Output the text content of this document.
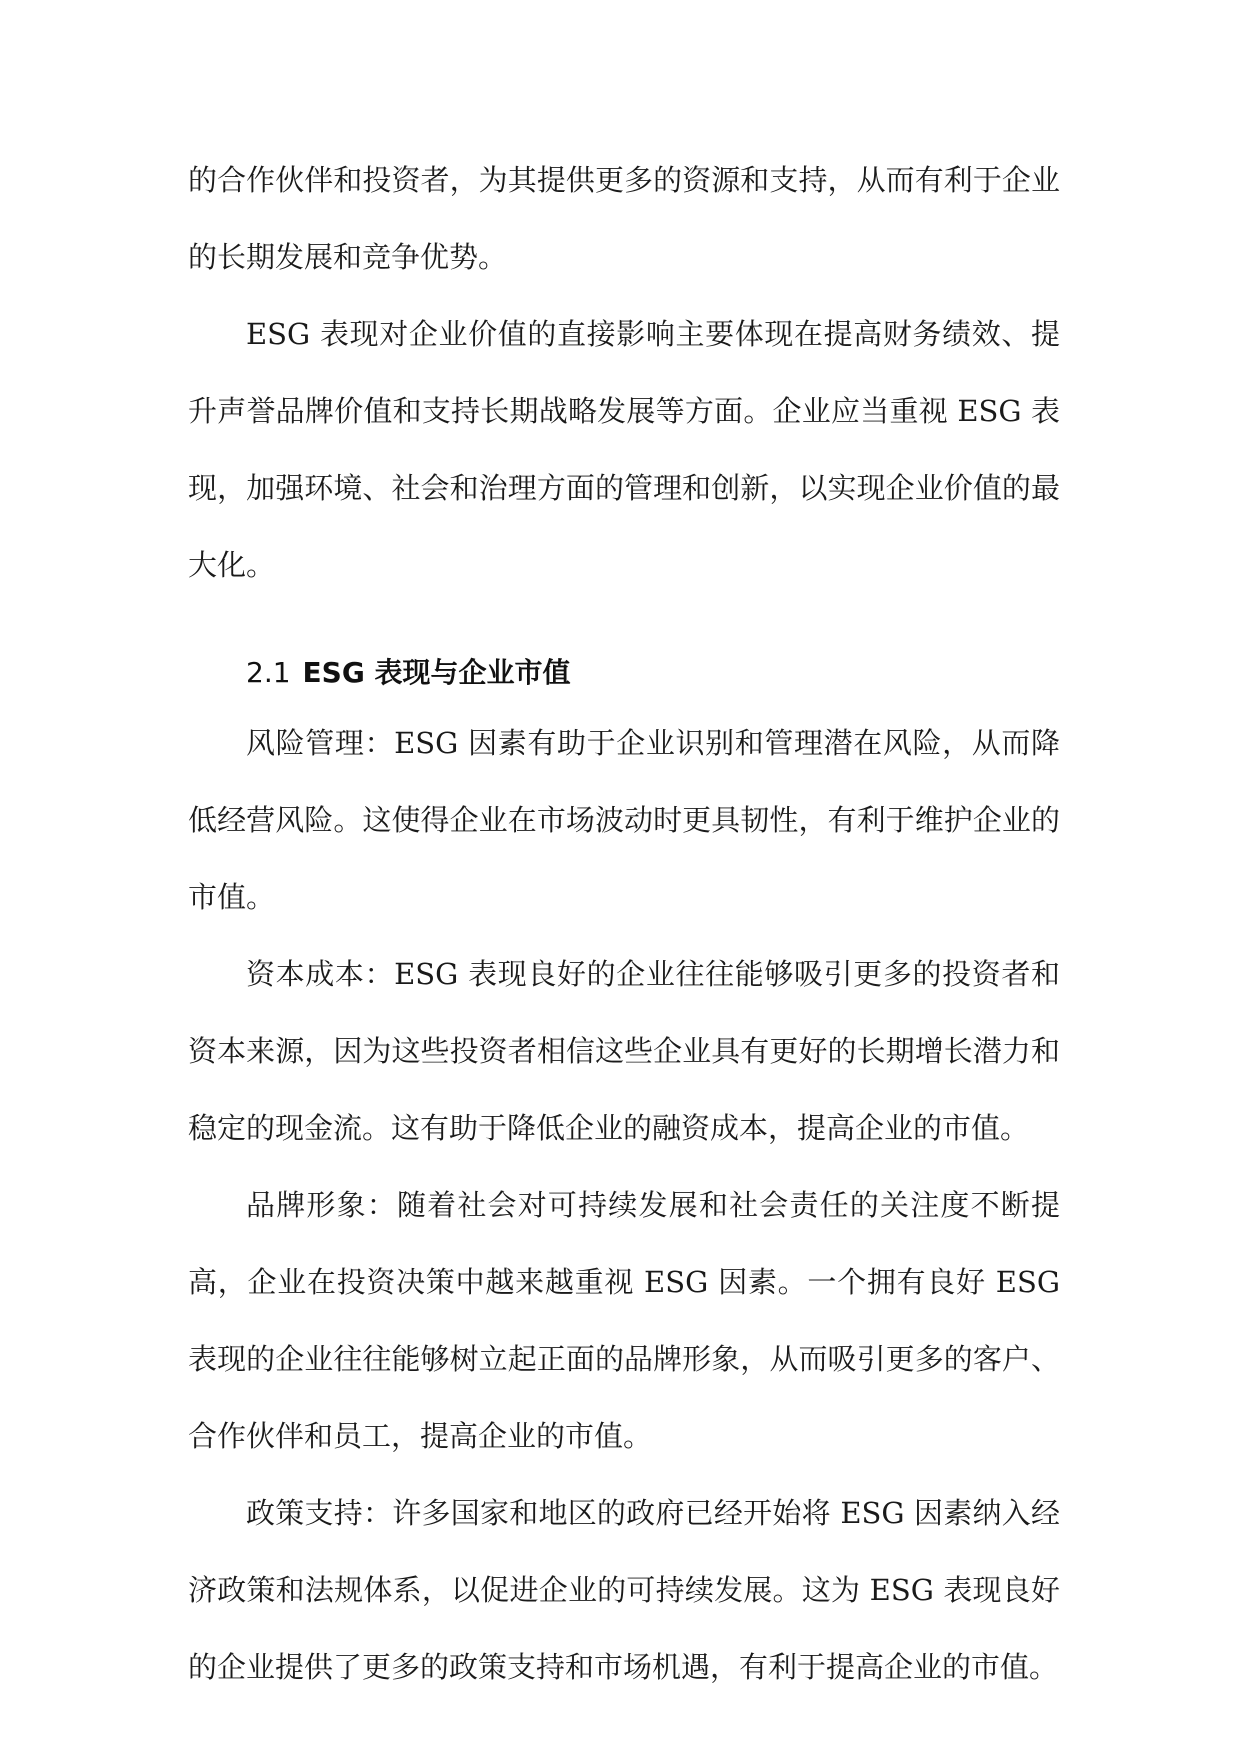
的合作伙伴和投资者，为其提供更多的资源和支持，从而有利于企业的长期发展和竞争优势。

ESG 表现对企业价值的直接影响主要体现在提高财务绩效、提升声誉品牌价值和支持长期战略发展等方面。企业应当重视 ESG 表现，加强环境、社会和治理方面的管理和创新，以实现企业价值的最大化。

2.1 ESG 表现与企业市值

风险管理：ESG 因素有助于企业识别和管理潜在风险，从而降低经营风险。这使得企业在市场波动时更具韧性，有利于维护企业的市值。

资本成本：ESG 表现良好的企业往往能够吸引更多的投资者和资本来源，因为这些投资者相信这些企业具有更好的长期增长潜力和稳定的现金流。这有助于降低企业的融资成本，提高企业的市值。

品牌形象：随着社会对可持续发展和社会责任的关注度不断提高，企业在投资决策中越来越重视 ESG 因素。一个拥有良好 ESG 表现的企业往往能够树立起正面的品牌形象，从而吸引更多的客户、合作伙伴和员工，提高企业的市值。

政策支持：许多国家和地区的政府已经开始将 ESG 因素纳入经济政策和法规体系，以促进企业的可持续发展。这为 ESG 表现良好的企业提供了更多的政策支持和市场机遇，有利于提高企业的市值。
